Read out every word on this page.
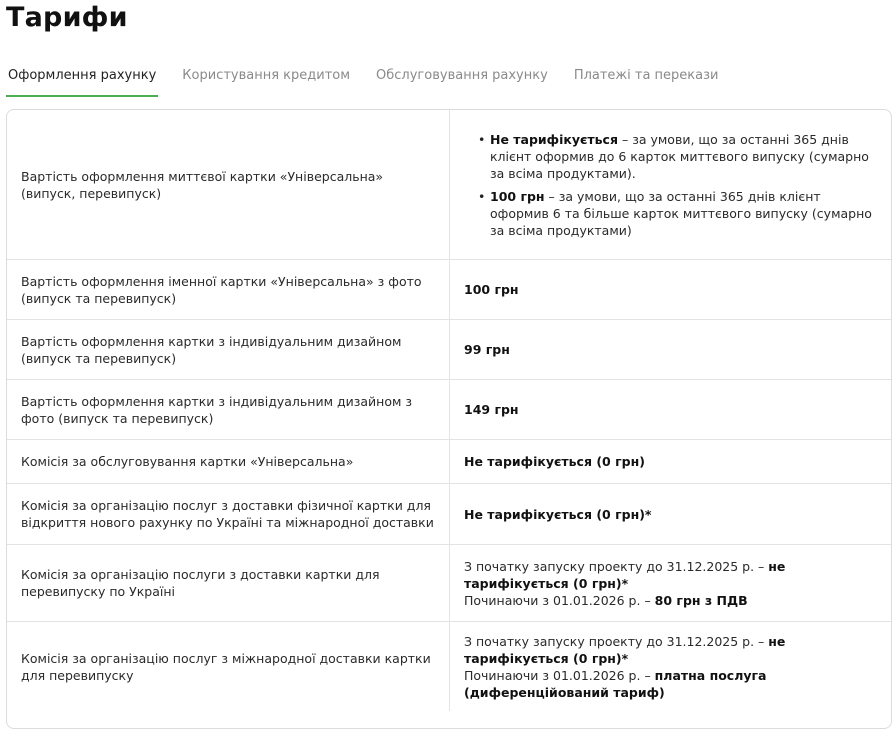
Тарифи
Оформлення рахунку Користування кредитом Обслуговування рахунку Платежі та перекази
Вартість оформлення миттєвої картки «Універсальна» (випуск, перевипуск)
• Не тарифікується – за умови, що за останні 365 днів клієнт оформив до 6 карток миттєвого випуску (сумарно за всіма продуктами).
• 100 грн – за умови, що за останні 365 днів клієнт оформив 6 та більше карток миттєвого випуску (сумарно за всіма продуктами)
Вартість оформлення іменної картки «Універсальна» з фото (випуск та перевипуск)
100 грн
Вартість оформлення картки з індивідуальним дизайном (випуск та перевипуск)
99 грн
Вартість оформлення картки з індивідуальним дизайном з фото (випуск та перевипуск)
149 грн
Комісія за обслуговування картки «Універсальна»	Не тарифікується (0 грн)
Комісія за організацію послуг з доставки фізичної картки для відкриття нового рахунку по Україні та міжнародної доставки
Не тарифікується (0 грн)*
Комісія за організацію послуги з доставки картки для перевипуску по Україні
З початку запуску проекту до 31.12.2025 р. – не тарифікується (0 грн)*
Починаючи з 01.01.2026 р. – 80 грн з ПДВ
Комісія за організацію послуг з міжнародної доставки картки для перевипуску
З початку запуску проекту до 31.12.2025 р. – не тарифікується (0 грн)*
Починаючи з 01.01.2026 р. – платна послуга (диференційований тариф)
